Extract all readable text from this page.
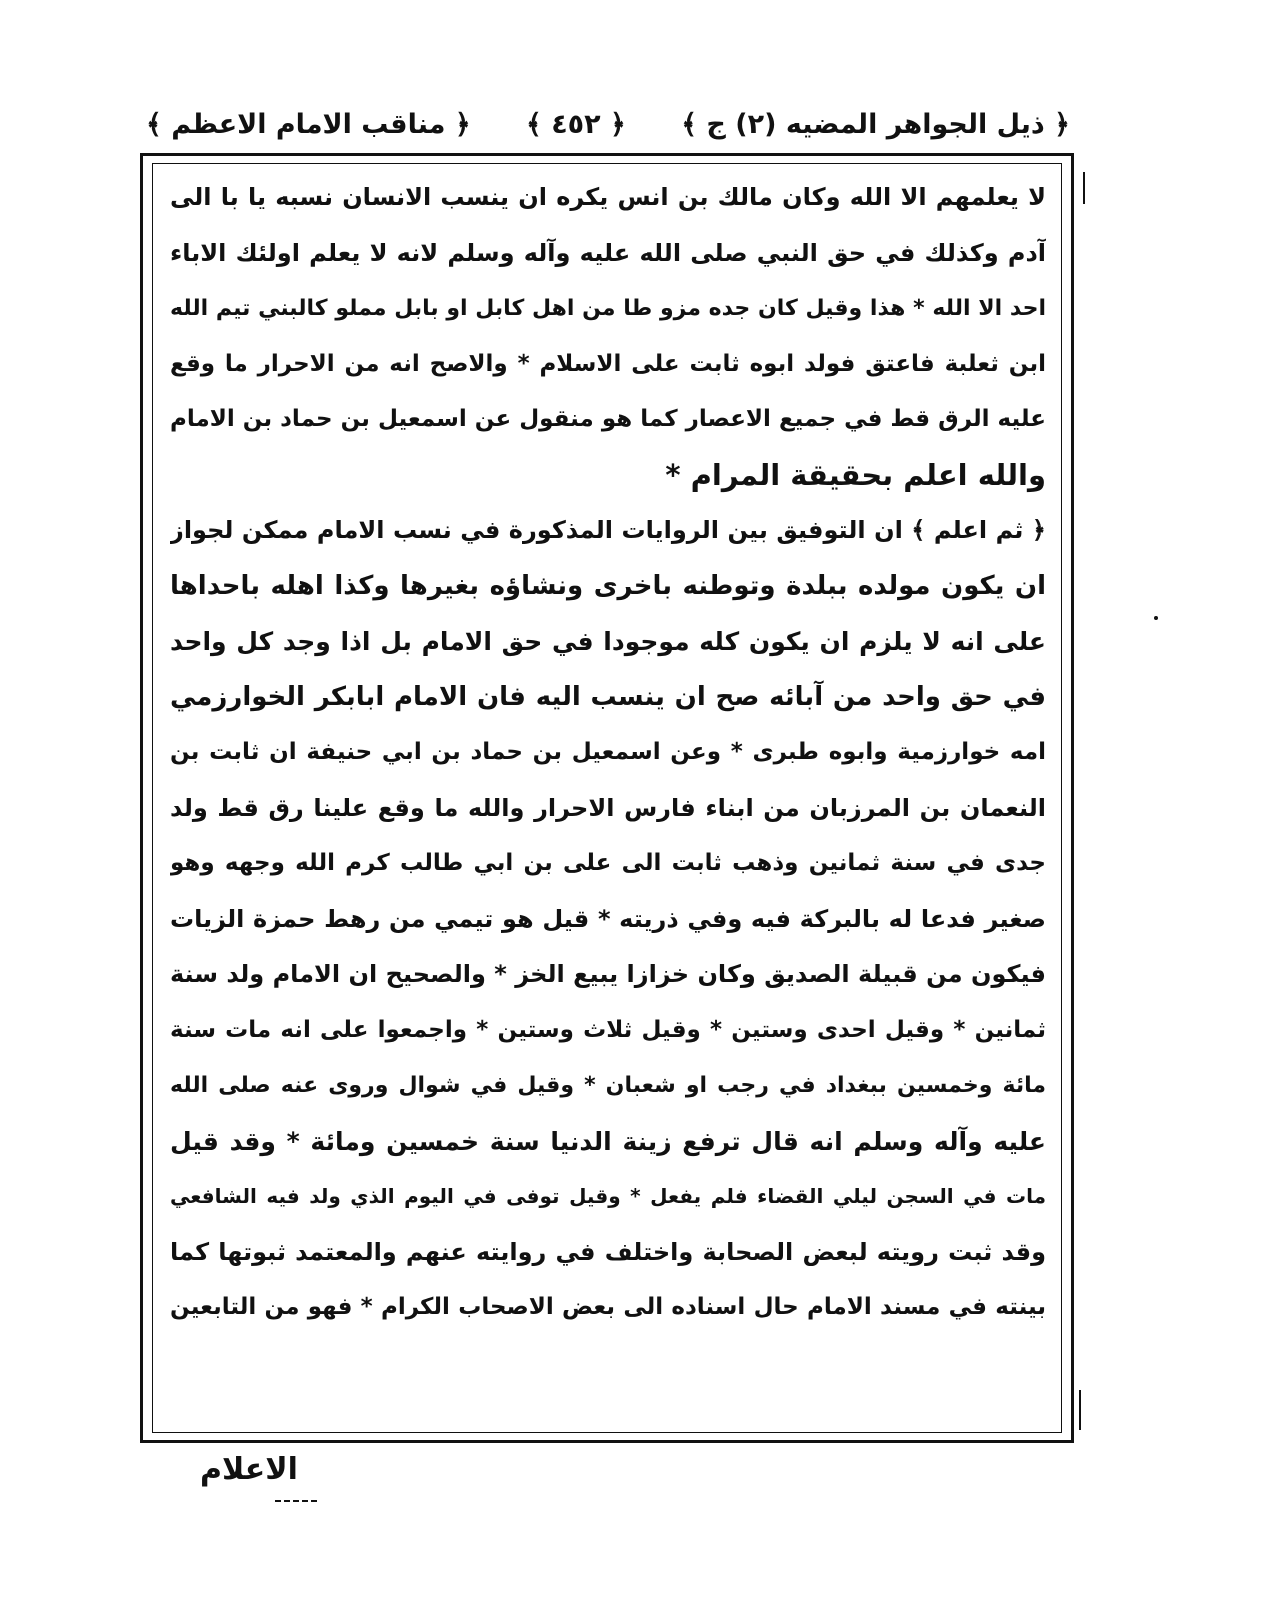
﴿ ذيل الجواهر المضيه (٢) ج ﴾
﴿ ٤٥٢ ﴾
﴿ مناقب الامام الاعظم ﴾
لا يعلمهم الا الله وكان مالك بن انس يكره ان ينسب الانسان نسبه يا با الى
آدم وكذلك في حق النبي صلى الله عليه وآله وسلم لانه لا يعلم اولئك الاباء
احد الا الله * هذا وقيل كان جده مزو طا من اهل كابل او بابل مملو كالبني تيم الله
ابن ثعلبة فاعتق فولد ابوه ثابت على الاسلام * والاصح انه من الاحرار ما وقع
عليه الرق قط في جميع الاعصار كما هو منقول عن اسمعيل بن حماد بن الامام
والله اعلم بحقيقة المرام *
﴿ ثم اعلم ﴾ ان التوفيق بين الروايات المذكورة في نسب الامام ممكن لجواز
ان يكون مولده ببلدة وتوطنه باخرى ونشاؤه بغيرها وكذا اهله باحداها
على انه لا يلزم ان يكون كله موجودا في حق الامام بل اذا وجد كل واحد
في حق واحد من آبائه صح ان ينسب اليه فان الامام ابابكر الخوارزمي
امه خوارزمية وابوه طبرى * وعن اسمعيل بن حماد بن ابي حنيفة ان ثابت بن
النعمان بن المرزبان من ابناء فارس الاحرار والله ما وقع علينا رق قط ولد
جدى في سنة ثمانين وذهب ثابت الى على بن ابي طالب كرم الله وجهه وهو
صغير فدعا له بالبركة فيه وفي ذريته * قيل هو تيمي من رهط حمزة الزيات
فيكون من قبيلة الصديق وكان خزازا يبيع الخز * والصحيح ان الامام ولد سنة
ثمانين * وقيل احدى وستين * وقيل ثلاث وستين * واجمعوا على انه مات سنة
مائة وخمسين ببغداد في رجب او شعبان * وقيل في شوال وروى عنه صلى الله
عليه وآله وسلم انه قال ترفع زينة الدنيا سنة خمسين ومائة * وقد قيل
مات في السجن ليلي القضاء فلم يفعل * وقيل توفى في اليوم الذي ولد فيه الشافعي
وقد ثبت رويته لبعض الصحابة واختلف في روايته عنهم والمعتمد ثبوتها كما
بينته في مسند الامام حال اسناده الى بعض الاصحاب الكرام * فهو من التابعين
الاعلام
